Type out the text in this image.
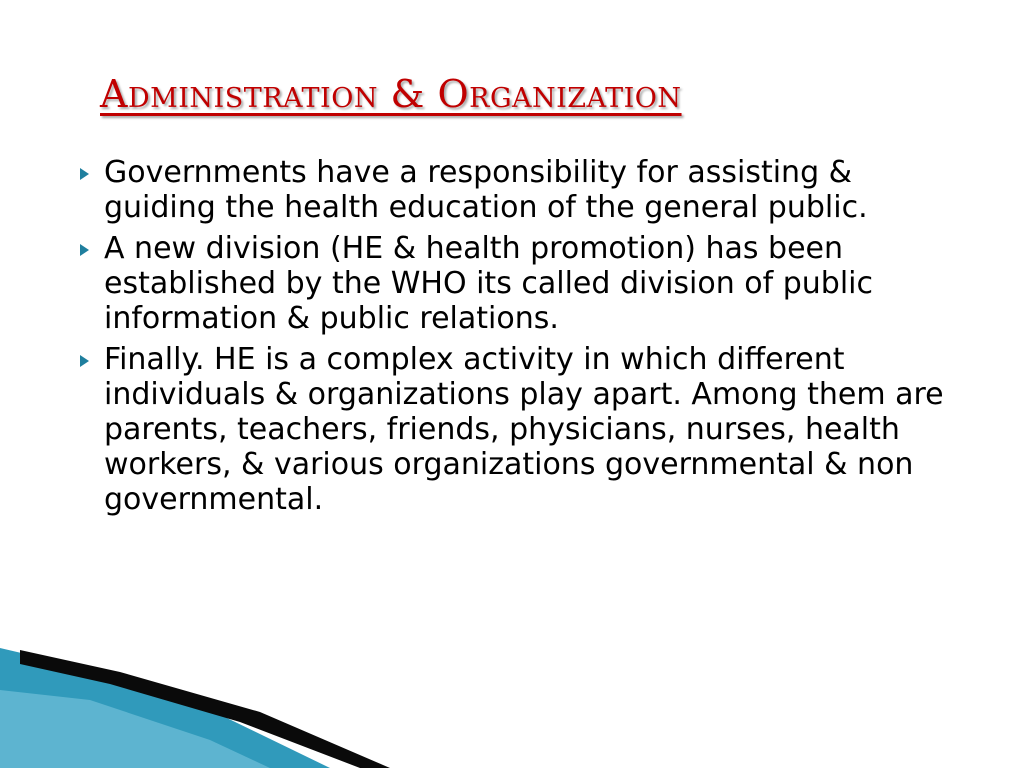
Administration & Organization
Governments have a responsibility for assisting & guiding the health education of the general public.
A new division (HE & health promotion) has been established by the WHO its called division of public information & public relations.
Finally. HE is a complex activity in which different individuals & organizations play apart. Among them are parents, teachers, friends, physicians, nurses, health workers, & various organizations governmental & non governmental.
